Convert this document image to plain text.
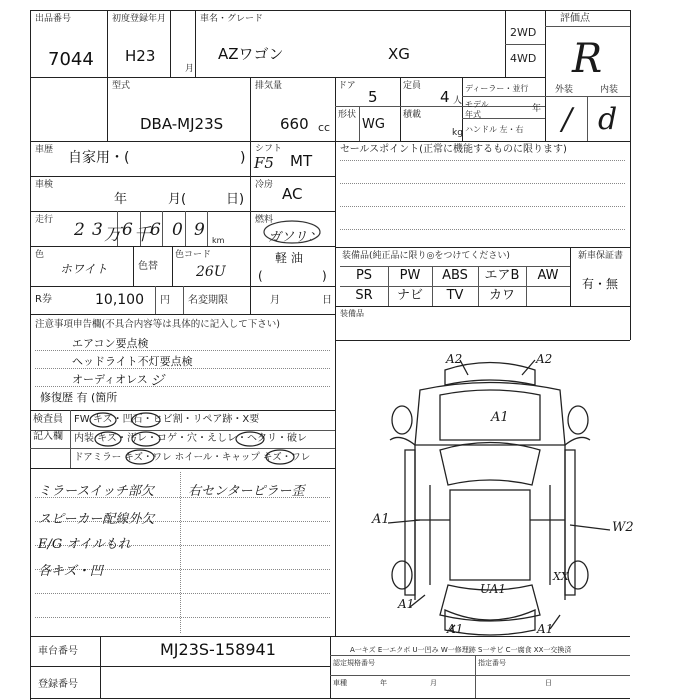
出品番号
7044
初度登録年月
H23
月
車名・グレード
AZワゴン	XG
2WD
4WD
評価点
R
型式
DBA-MJ23S
排気量
660 cc
ドア
5
定員
4 人
形状
WG
積載
kg
ディーラー・並行
モデル年式
年
ハンドル 左・右
外装	内装
/ d
車歴 自家用・(	)
シフト
F5 MT
セールスポイント(正常に機能するものに限ります)
車検
年	月(	日)
冷房 AC
走行 2 3 万 6 千 6 0 9
km
燃料
ガソリン
軽 油
(	)
色
ホワイト	色替
色コード
26U
R券	10,100 円 名変期限	月	日
装備品(純正品に限り◎をつけてください)	新車保証書
有・無
PS	PW	ABS	エアB	AW
SR	ナビ	TV	カワ
装備品
注意事項申告欄(不具合内容等は具体的に記入して下さい)
エアコン要点検
ヘッドライト不灯要点検
オーディオレス ジ
修復歴 有 (箇所
検査員
記入欄
FW キズ・凹石・ヒビ割・リペア跡・X要
内装 キズ・汚レ・コゲ・穴・えしレ・ヘタリ・破レ
ドアミラー キズ・ワレ ホイール・キャップ キズ・ワレ
ミラースイッチ部欠
スピーカー配線外欠
E/G オイルもれ
各キズ・凹
右センターピラー歪
A2	A2
A1
A1
W2
XX
UA1
A1
A1	A1
A一キズ E一エクボ U一凹み W一修理跡 S一サビ C一腐食 XX一交換済
車台番号	MJ23S-158941
登録番号
認定規格番号	指定番号
車種	年	月	日
